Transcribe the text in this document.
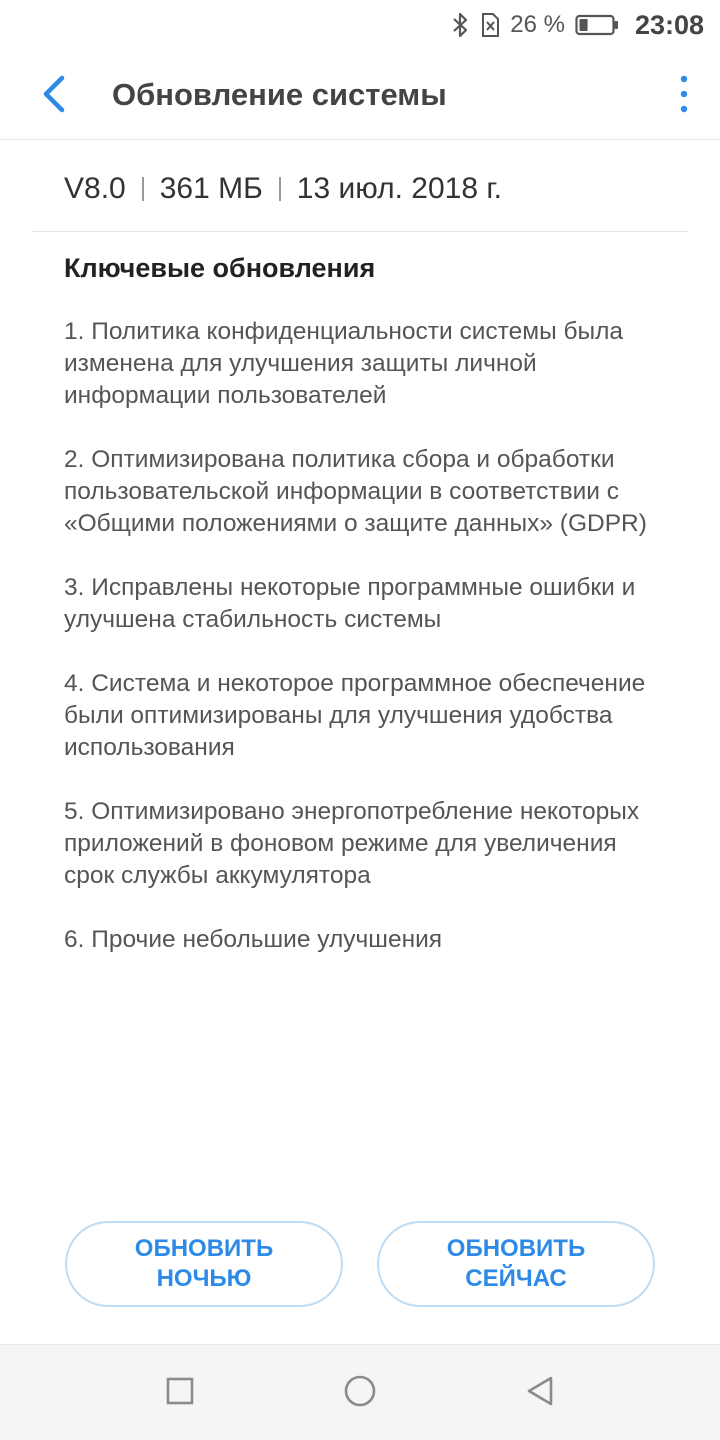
26 %	23:08
Обновление системы
V8.0 361 МБ 13 июл. 2018 г.
Ключевые обновления
1. Политика конфиденциальности системы была изменена для улучшения защиты личной информации пользователей
2. Оптимизирована политика сбора и обработки пользовательской информации в соответствии с «Общими положениями о защите данных» (GDPR)
3. Исправлены некоторые программные ошибки и улучшена стабильность системы
4. Система и некоторое программное обеспечение были оптимизированы для улучшения удобства использования
5. Оптимизировано энергопотребление некоторых приложений в фоновом режиме для увеличения срок службы аккумулятора
6. Прочие небольшие улучшения
ОБНОВИТЬ НОЧЬЮ
ОБНОВИТЬ СЕЙЧАС
